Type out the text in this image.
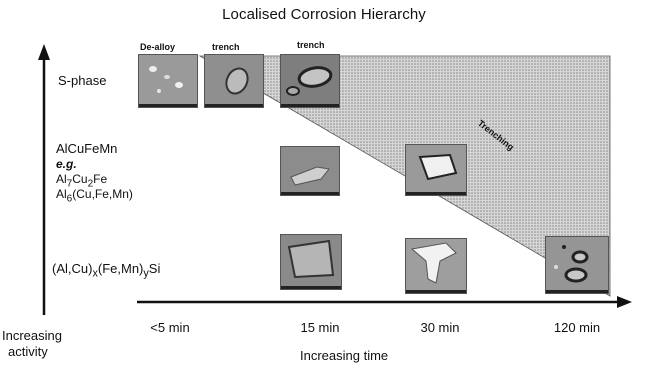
Localised Corrosion Hierarchy
De-alloy	trench	trench
Trenching
S-phase
AlCuFeMn
e.g.
$Al_7Cu_2Fe$
$Al_6(Cu,Fe,Mn)$
$(Al,Cu)_x(Fe,Mn)_ySi$
Increasing
activity
<5 min	15 min	30 min	120 min
Increasing time
